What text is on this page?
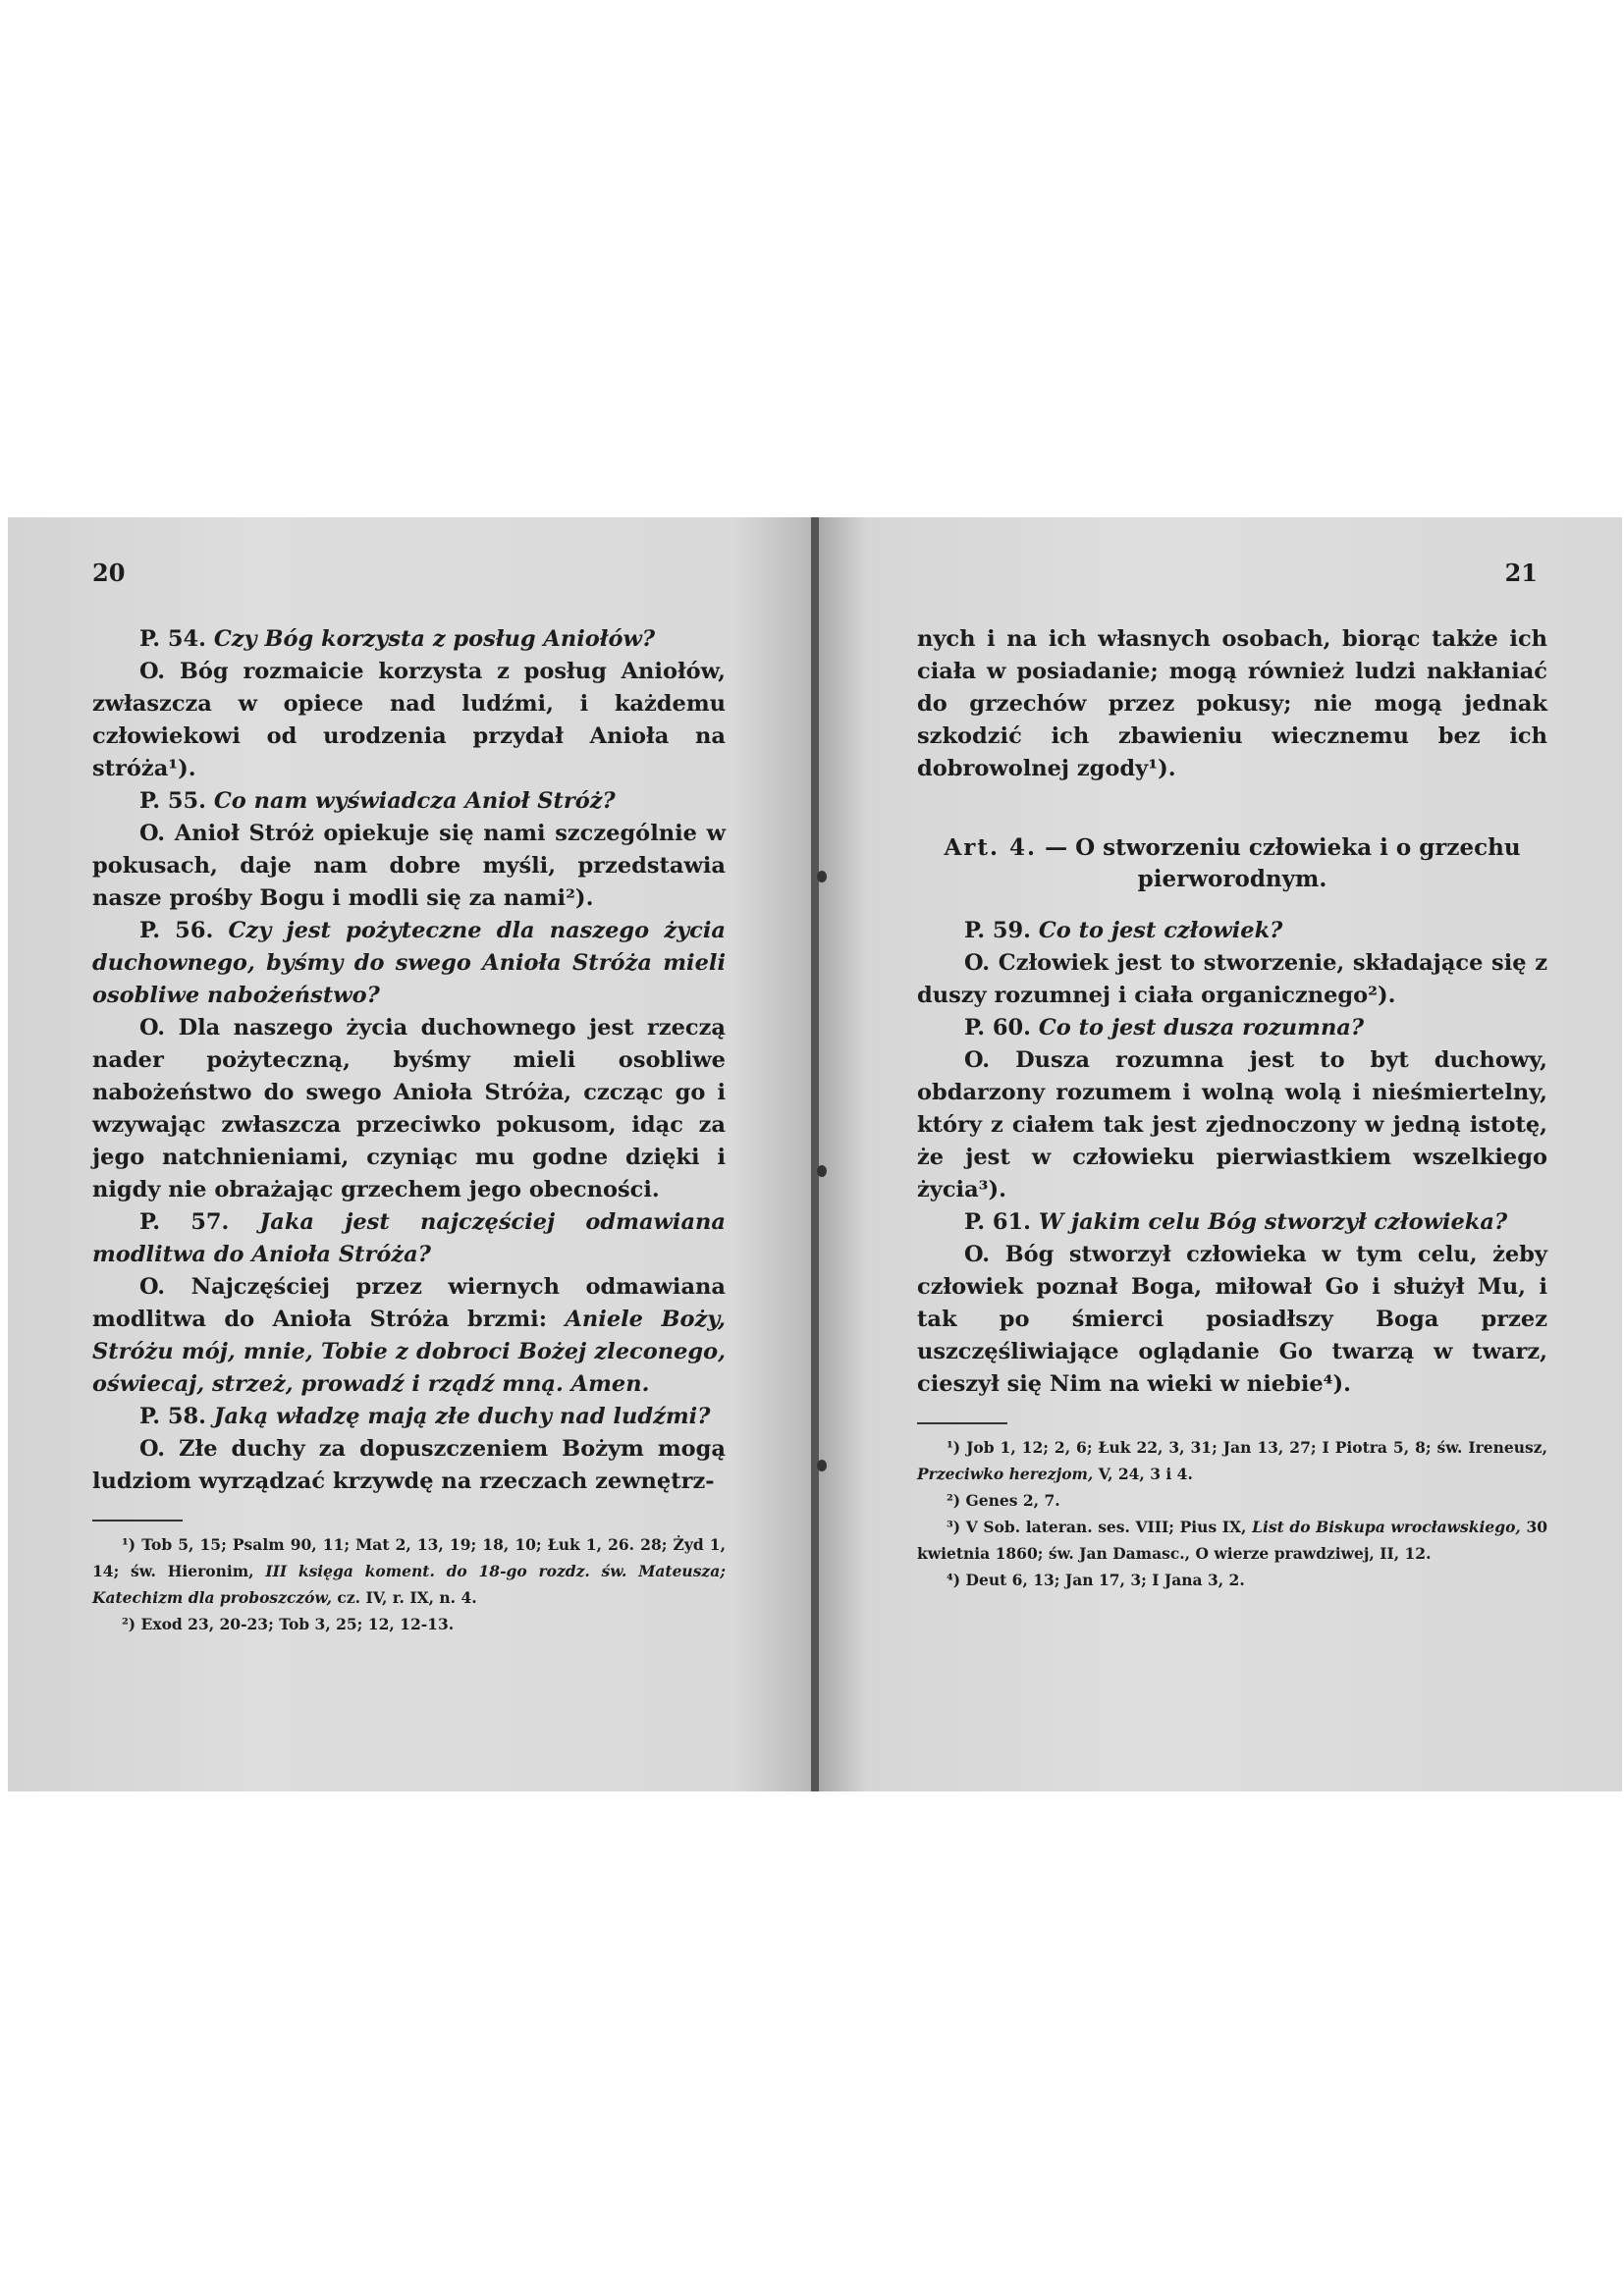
20

P. 54. Czy Bóg korzysta z posług Aniołów?

O. Bóg rozmaicie korzysta z posług Aniołów, zwłaszcza w opiece nad ludźmi, i każdemu człowiekowi od urodzenia przydał Anioła na stróża¹).

P. 55. Co nam wyświadcza Anioł Stróż?

O. Anioł Stróż opiekuje się nami szczególnie w pokusach, daje nam dobre myśli, przedstawia nasze prośby Bogu i modli się za nami²).

P. 56. Czy jest pożyteczne dla naszego życia duchownego, byśmy do swego Anioła Stróża mieli osobliwe nabożeństwo?

O. Dla naszego życia duchownego jest rzeczą nader pożyteczną, byśmy mieli osobliwe nabożeństwo do swego Anioła Stróża, czcząc go i wzywając zwłaszcza przeciwko pokusom, idąc za jego natchnieniami, czyniąc mu godne dzięki i nigdy nie obrażając grzechem jego obecności.

P. 57. Jaka jest najczęściej odmawiana modlitwa do Anioła Stróża?

O. Najczęściej przez wiernych odmawiana modlitwa do Anioła Stróża brzmi: Aniele Boży, Stróżu mój, mnie, Tobie z dobroci Bożej zleconego, oświecaj, strzeż, prowadź i rządź mną. Amen.

P. 58. Jaką władzę mają złe duchy nad ludźmi?

O. Złe duchy za dopuszczeniem Bożym mogą ludziom wyrządzać krzywdę na rzeczach zewnętrz-

¹) Tob 5, 15; Psalm 90, 11; Mat 2, 13, 19; 18, 10; Łuk 1, 26. 28; Żyd 1, 14; św. Hieronim, III księga koment. do 18-go rozdz. św. Mateusza; Katechizm dla proboszczów, cz. IV, r. IX, n. 4.

²) Exod 23, 20-23; Tob 3, 25; 12, 12-13.

21

nych i na ich własnych osobach, biorąc także ich ciała w posiadanie; mogą również ludzi nakłaniać do grzechów przez pokusy; nie mogą jednak szkodzić ich zbawieniu wiecznemu bez ich dobrowolnej zgody¹).

Art. 4. — O stworzeniu człowieka i o grzechu pierworodnym.

P. 59. Co to jest człowiek?

O. Człowiek jest to stworzenie, składające się z duszy rozumnej i ciała organicznego²).

P. 60. Co to jest dusza rozumna?

O. Dusza rozumna jest to byt duchowy, obdarzony rozumem i wolną wolą i nieśmiertelny, który z ciałem tak jest zjednoczony w jedną istotę, że jest w człowieku pierwiastkiem wszelkiego życia³).

P. 61. W jakim celu Bóg stworzył człowieka?

O. Bóg stworzył człowieka w tym celu, żeby człowiek poznał Boga, miłował Go i służył Mu, i tak po śmierci posiadłszy Boga przez uszczęśliwiające oglądanie Go twarzą w twarz, cieszył się Nim na wieki w niebie⁴).

¹) Job 1, 12; 2, 6; Łuk 22, 3, 31; Jan 13, 27; I Piotra 5, 8; św. Ireneusz, Przeciwko herezjom, V, 24, 3 i 4.

²) Genes 2, 7.

³) V Sob. lateran. ses. VIII; Pius IX, List do Biskupa wrocławskiego, 30 kwietnia 1860; św. Jan Damasc., O wierze prawdziwej, II, 12.

⁴) Deut 6, 13; Jan 17, 3; I Jana 3, 2.
